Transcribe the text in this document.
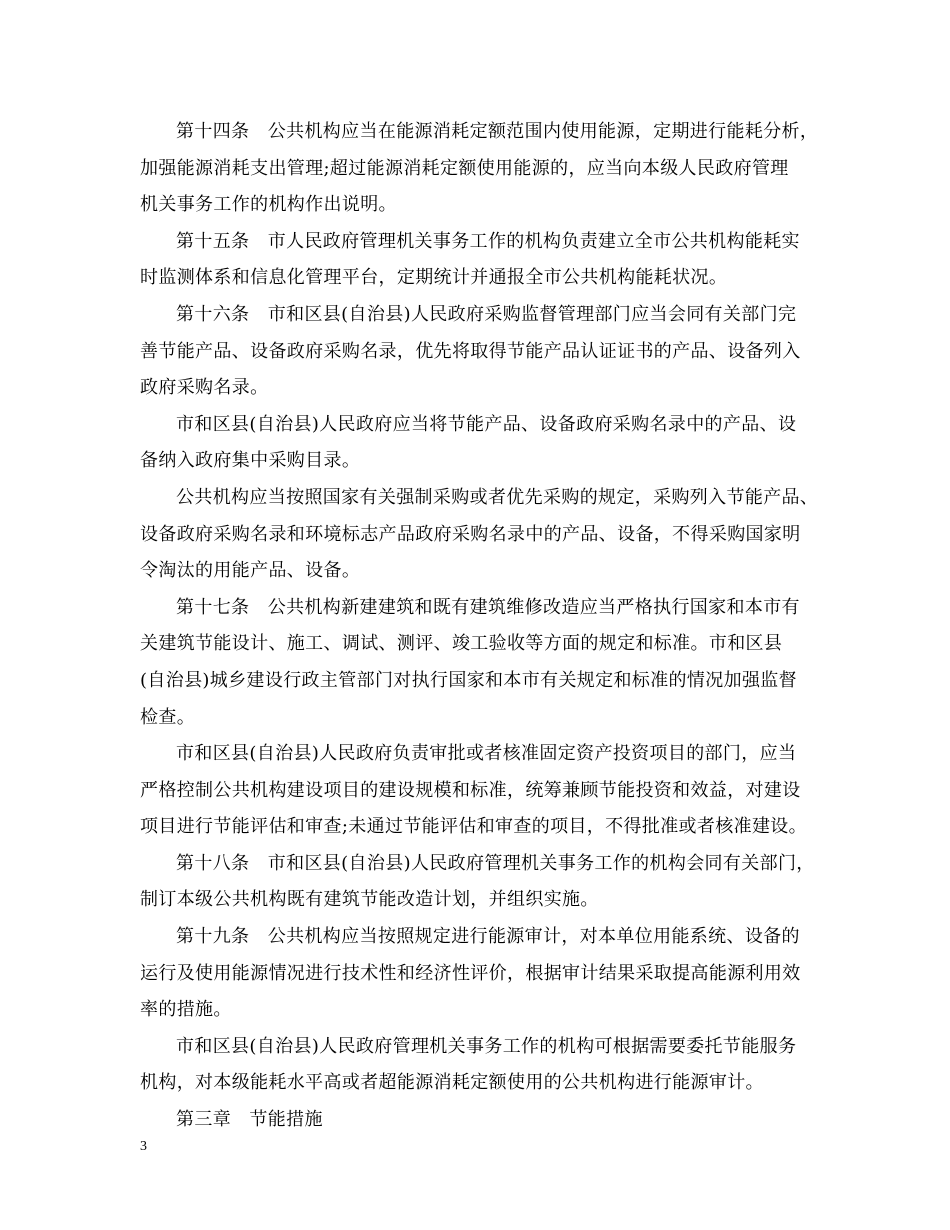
第十四条　公共机构应当在能源消耗定额范围内使用能源，定期进行能耗分析，
加强能源消耗支出管理;超过能源消耗定额使用能源的，应当向本级人民政府管理
机关事务工作的机构作出说明。

第十五条　市人民政府管理机关事务工作的机构负责建立全市公共机构能耗实
时监测体系和信息化管理平台，定期统计并通报全市公共机构能耗状况。

第十六条　市和区县(自治县)人民政府采购监督管理部门应当会同有关部门完
善节能产品、设备政府采购名录，优先将取得节能产品认证证书的产品、设备列入
政府采购名录。

市和区县(自治县)人民政府应当将节能产品、设备政府采购名录中的产品、设
备纳入政府集中采购目录。

公共机构应当按照国家有关强制采购或者优先采购的规定，采购列入节能产品、
设备政府采购名录和环境标志产品政府采购名录中的产品、设备，不得采购国家明
令淘汰的用能产品、设备。

第十七条　公共机构新建建筑和既有建筑维修改造应当严格执行国家和本市有
关建筑节能设计、施工、调试、测评、竣工验收等方面的规定和标准。市和区县
(自治县)城乡建设行政主管部门对执行国家和本市有关规定和标准的情况加强监督
检查。

市和区县(自治县)人民政府负责审批或者核准固定资产投资项目的部门，应当
严格控制公共机构建设项目的建设规模和标准，统筹兼顾节能投资和效益，对建设
项目进行节能评估和审查;未通过节能评估和审查的项目，不得批准或者核准建设。

第十八条　市和区县(自治县)人民政府管理机关事务工作的机构会同有关部门，
制订本级公共机构既有建筑节能改造计划，并组织实施。

第十九条　公共机构应当按照规定进行能源审计，对本单位用能系统、设备的
运行及使用能源情况进行技术性和经济性评价，根据审计结果采取提高能源利用效
率的措施。

市和区县(自治县)人民政府管理机关事务工作的机构可根据需要委托节能服务
机构，对本级能耗水平高或者超能源消耗定额使用的公共机构进行能源审计。

第三章　节能措施

3
